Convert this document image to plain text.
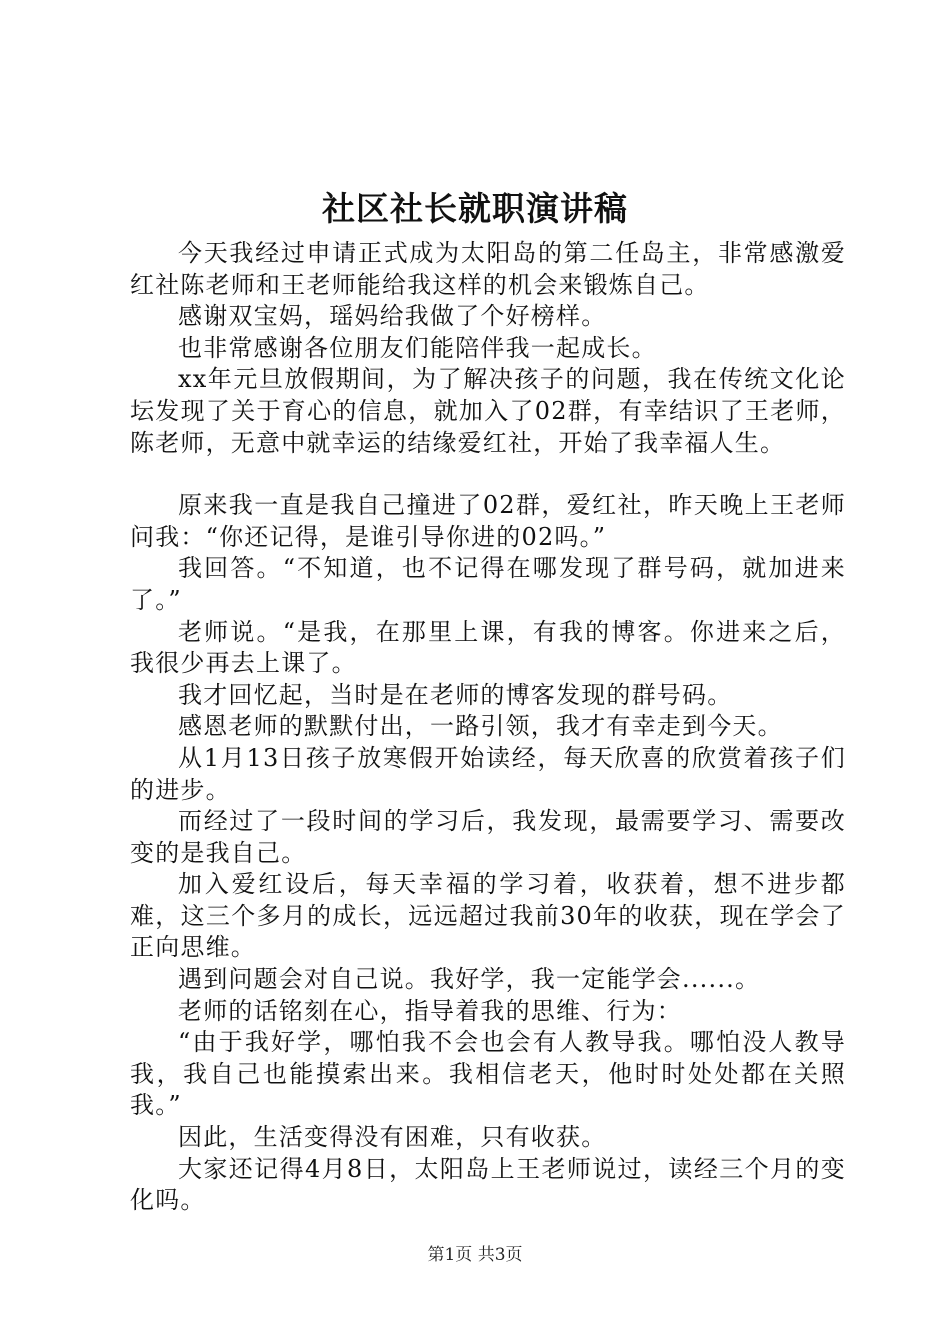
社区社长就职演讲稿

今天我经过申请正式成为太阳岛的第二任岛主，非常感激爱红社陈老师和王老师能给我这样的机会来锻炼自己。

感谢双宝妈，瑶妈给我做了个好榜样。

也非常感谢各位朋友们能陪伴我一起成长。

xx年元旦放假期间，为了解决孩子的问题，我在传统文化论坛发现了关于育心的信息，就加入了02群，有幸结识了王老师，陈老师，无意中就幸运的结缘爱红社，开始了我幸福人生。

原来我一直是我自己撞进了02群，爱红社，昨天晚上王老师问我：“你还记得，是谁引导你进的02吗。”

我回答。“不知道，也不记得在哪发现了群号码，就加进来了。”

老师说。“是我，在那里上课，有我的博客。你进来之后，我很少再去上课了。

我才回忆起，当时是在老师的博客发现的群号码。

感恩老师的默默付出，一路引领，我才有幸走到今天。

从1月13日孩子放寒假开始读经，每天欣喜的欣赏着孩子们的进步。

而经过了一段时间的学习后，我发现，最需要学习、需要改变的是我自己。

加入爱红设后，每天幸福的学习着，收获着，想不进步都难，这三个多月的成长，远远超过我前30年的收获，现在学会了正向思维。

遇到问题会对自己说。我好学，我一定能学会......。

老师的话铭刻在心，指导着我的思维、行为：

“由于我好学，哪怕我不会也会有人教导我。哪怕没人教导我，我自己也能摸索出来。我相信老天，他时时处处都在关照我。”

因此，生活变得没有困难，只有收获。

大家还记得4月8日，太阳岛上王老师说过，读经三个月的变化吗。

第1页 共3页
